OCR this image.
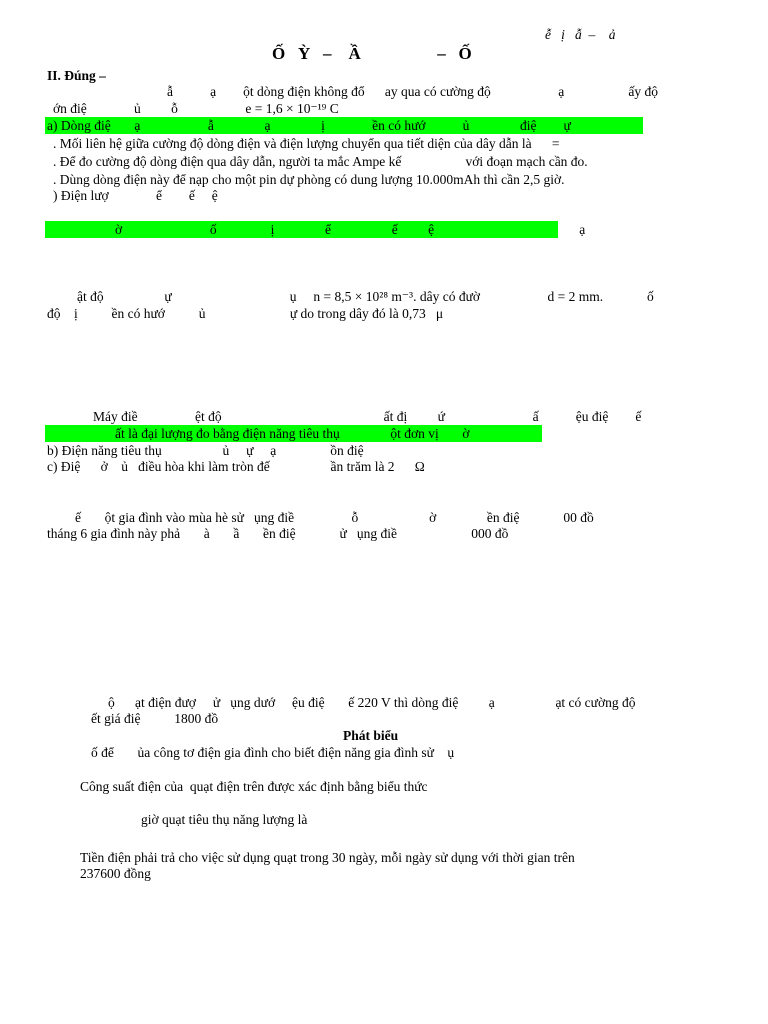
ễ   ị   ẫ  –    ả
Ố   Ỳ   –    Ầ                  –   Ố
II. Đúng –
ẫ           ạ        ột dòng điện không đổ      ay qua có cường độ                    ạ                   ấy độ
ớn điệ              ủ         ỗ                    e = 1,6 × 10⁻¹⁹ C
a) Dòng điệ       ạ                    ẫ               ạ               ị              ền có hướ           ủ               điệ        ự
. Mối liên hệ giữa cường độ dòng điện và điện lượng chuyển qua tiết diện của dây dẫn là      =
. Để đo cường độ dòng điện qua dây dẫn, người ta mắc Ampe kế                   với đoạn mạch cần đo.
. Dùng dòng điện này để nạp cho một pin dự phòng có dung lượng 10.000mAh thì cần 2,5 giờ.
) Điện lượ              ể        ế     ệ
ờ                          ố                ị               ể                  ế         ệ                                           ạ
ật độ                  ự                                   ụ     n = 8,5 × 10²⁸ m⁻³. dây có đườ                    d = 2 mm.             ố
độ    ị          ền có hướ          ủ                         ự do trong dây đó là 0,73   μ
Máy điề                 ệt độ                                                ất đị         ứ                          ấ           ệu điệ        ế
ất là đại lượng đo bằng điện năng tiêu thụ               ột đơn vị       ờ
b) Điện năng tiêu thụ                  ủ     ự     ạ                ồn điệ
c) Điệ      ở    ủ   điều hòa khi làm tròn đế                  ần trăm là 2      Ω
ế       ột gia đình vào mùa hè sử   ụng điề                 ỗ                     ờ               ền điệ             00 đồ
tháng 6 gia đình này phả       à       ầ       ền điệ             ử   ụng điề                      000 đồ
ộ      ạt điện đượ     ử   ụng dướ     ệu điệ       ế 220 V thì dòng điệ         ạ                  ạt có cường độ
ết giá điệ          1800 đồ
Phát biểu
ố để       ủa công tơ điện gia đình cho biết điện năng gia đình sử    ụ
Công suất điện của  quạt điện trên được xác định bằng biểu thức
giờ quạt tiêu thụ năng lượng là
Tiền điện phải trả cho việc sử dụng quạt trong 30 ngày, mỗi ngày sử dụng với thời gian trên
237600 đồng
